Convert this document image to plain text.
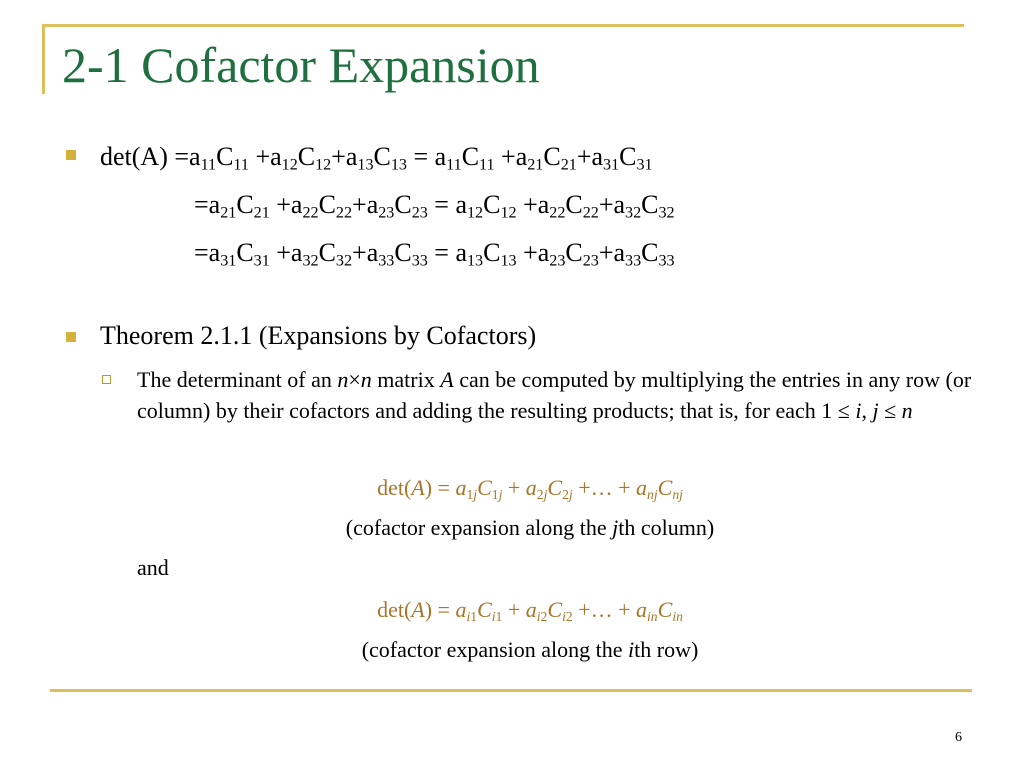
2-1 Cofactor Expansion
$\det(A) =a_{11}C_{11} +a_{12}C_{12}+a_{13}C_{13} = a_{11}C_{11} +a_{21}C_{21}+a_{31}C_{31}$
$=a_{21}C_{21} +a_{22}C_{22}+a_{23}C_{23} = a_{12}C_{12} +a_{22}C_{22}+a_{32}C_{32}$
$=a_{31}C_{31} +a_{32}C_{32}+a_{33}C_{33} = a_{13}C_{13} +a_{23}C_{23}+a_{33}C_{33}$
Theorem 2.1.1 (Expansions by Cofactors)
The determinant of an n×n matrix A can be computed by multiplying the entries in any row (or column) by their cofactors and adding the resulting products; that is, for each 1 ≤ i, j ≤ n
$\det(A) = a_{1j}C_{1j} + a_{2j}C_{2j}$ +… + $a_{nj}C_{nj}$
(cofactor expansion along the jth column)
and
$\det(A) = a_{i1}C_{i1} + a_{i2}C_{i2}$ +… + $a_{in}C_{in}$
(cofactor expansion along the ith row)
6
